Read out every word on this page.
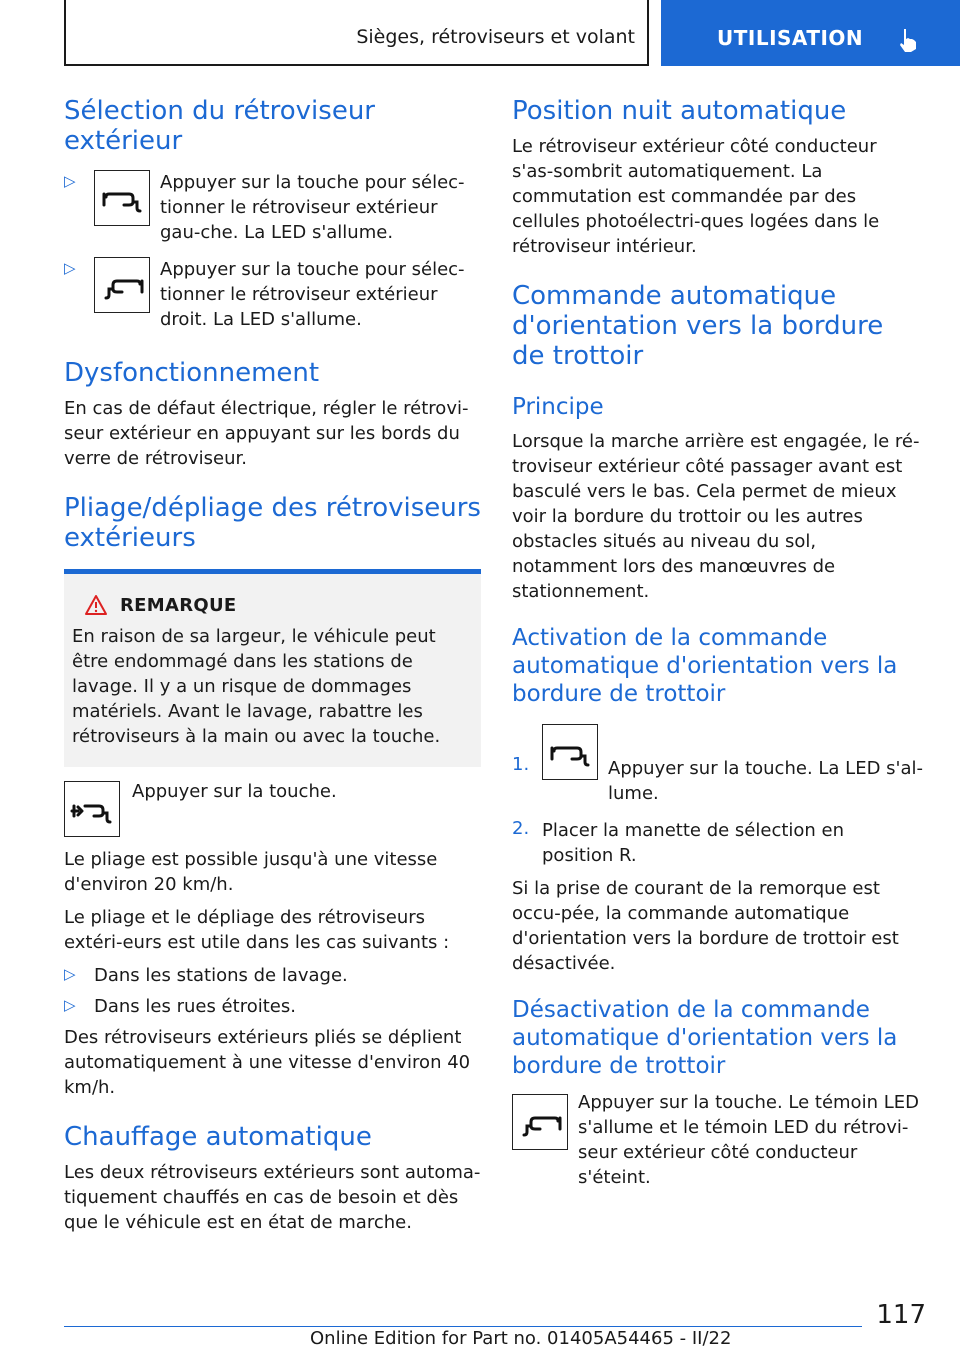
Sièges, rétroviseurs et volant	UTILISATION
Sélection du rétroviseur extérieur
▷	Appuyer sur la touche pour sélec-tionner le rétroviseur extérieur gau-che. La LED s'allume.

▷	Appuyer sur la touche pour sélec-tionner le rétroviseur extérieur droit. La LED s'allume.

Dysfonctionnement

En cas de défaut électrique, régler le rétrovi-seur extérieur en appuyant sur les bords du verre de rétroviseur.

Pliage/dépliage des rétroviseurs extérieurs
REMARQUE

En raison de sa largeur, le véhicule peut être endommagé dans les stations de lavage. Il y a un risque de dommages matériels. Avant le lavage, rabattre les rétroviseurs à la main ou avec la touche.

Appuyer sur la touche.

Le pliage est possible jusqu'à une vitesse d'environ 20 km/h.

Le pliage et le dépliage des rétroviseurs extéri-eurs est utile dans les cas suivants :

▷	Dans les stations de lavage.

▷	Dans les rues étroites.

Des rétroviseurs extérieurs pliés se déplient automatiquement à une vitesse d'environ 40 km/h.

Chauffage automatique

Les deux rétroviseurs extérieurs sont automa-tiquement chauffés en cas de besoin et dès que le véhicule est en état de marche.

Position nuit automatique

Le rétroviseur extérieur côté conducteur s'as-sombrit automatiquement. La commutation est commandée par des cellules photoélectri-ques logées dans le rétroviseur intérieur.

Commande automatique d'orientation vers la bordure de trottoir
Principe

Lorsque la marche arrière est engagée, le ré-troviseur extérieur côté passager avant est basculé vers le bas. Cela permet de mieux voir la bordure du trottoir ou les autres obstacles situés au niveau du sol, notamment lors des manœuvres de stationnement.

Activation de la commande automatique d'orientation vers la bordure de trottoir
1.	Appuyer sur la touche. La LED s'al-lume.

2. Placer la manette de sélection en position R.

Si la prise de courant de la remorque est occu-pée, la commande automatique d'orientation vers la bordure de trottoir est désactivée.

Désactivation de la commande automatique d'orientation vers la bordure de trottoir

Appuyer sur la touche. Le témoin LED s'allume et le témoin LED du rétrovi-seur extérieur côté conducteur s'éteint.

117
Online Edition for Part no. 01405A54465 - II/22
